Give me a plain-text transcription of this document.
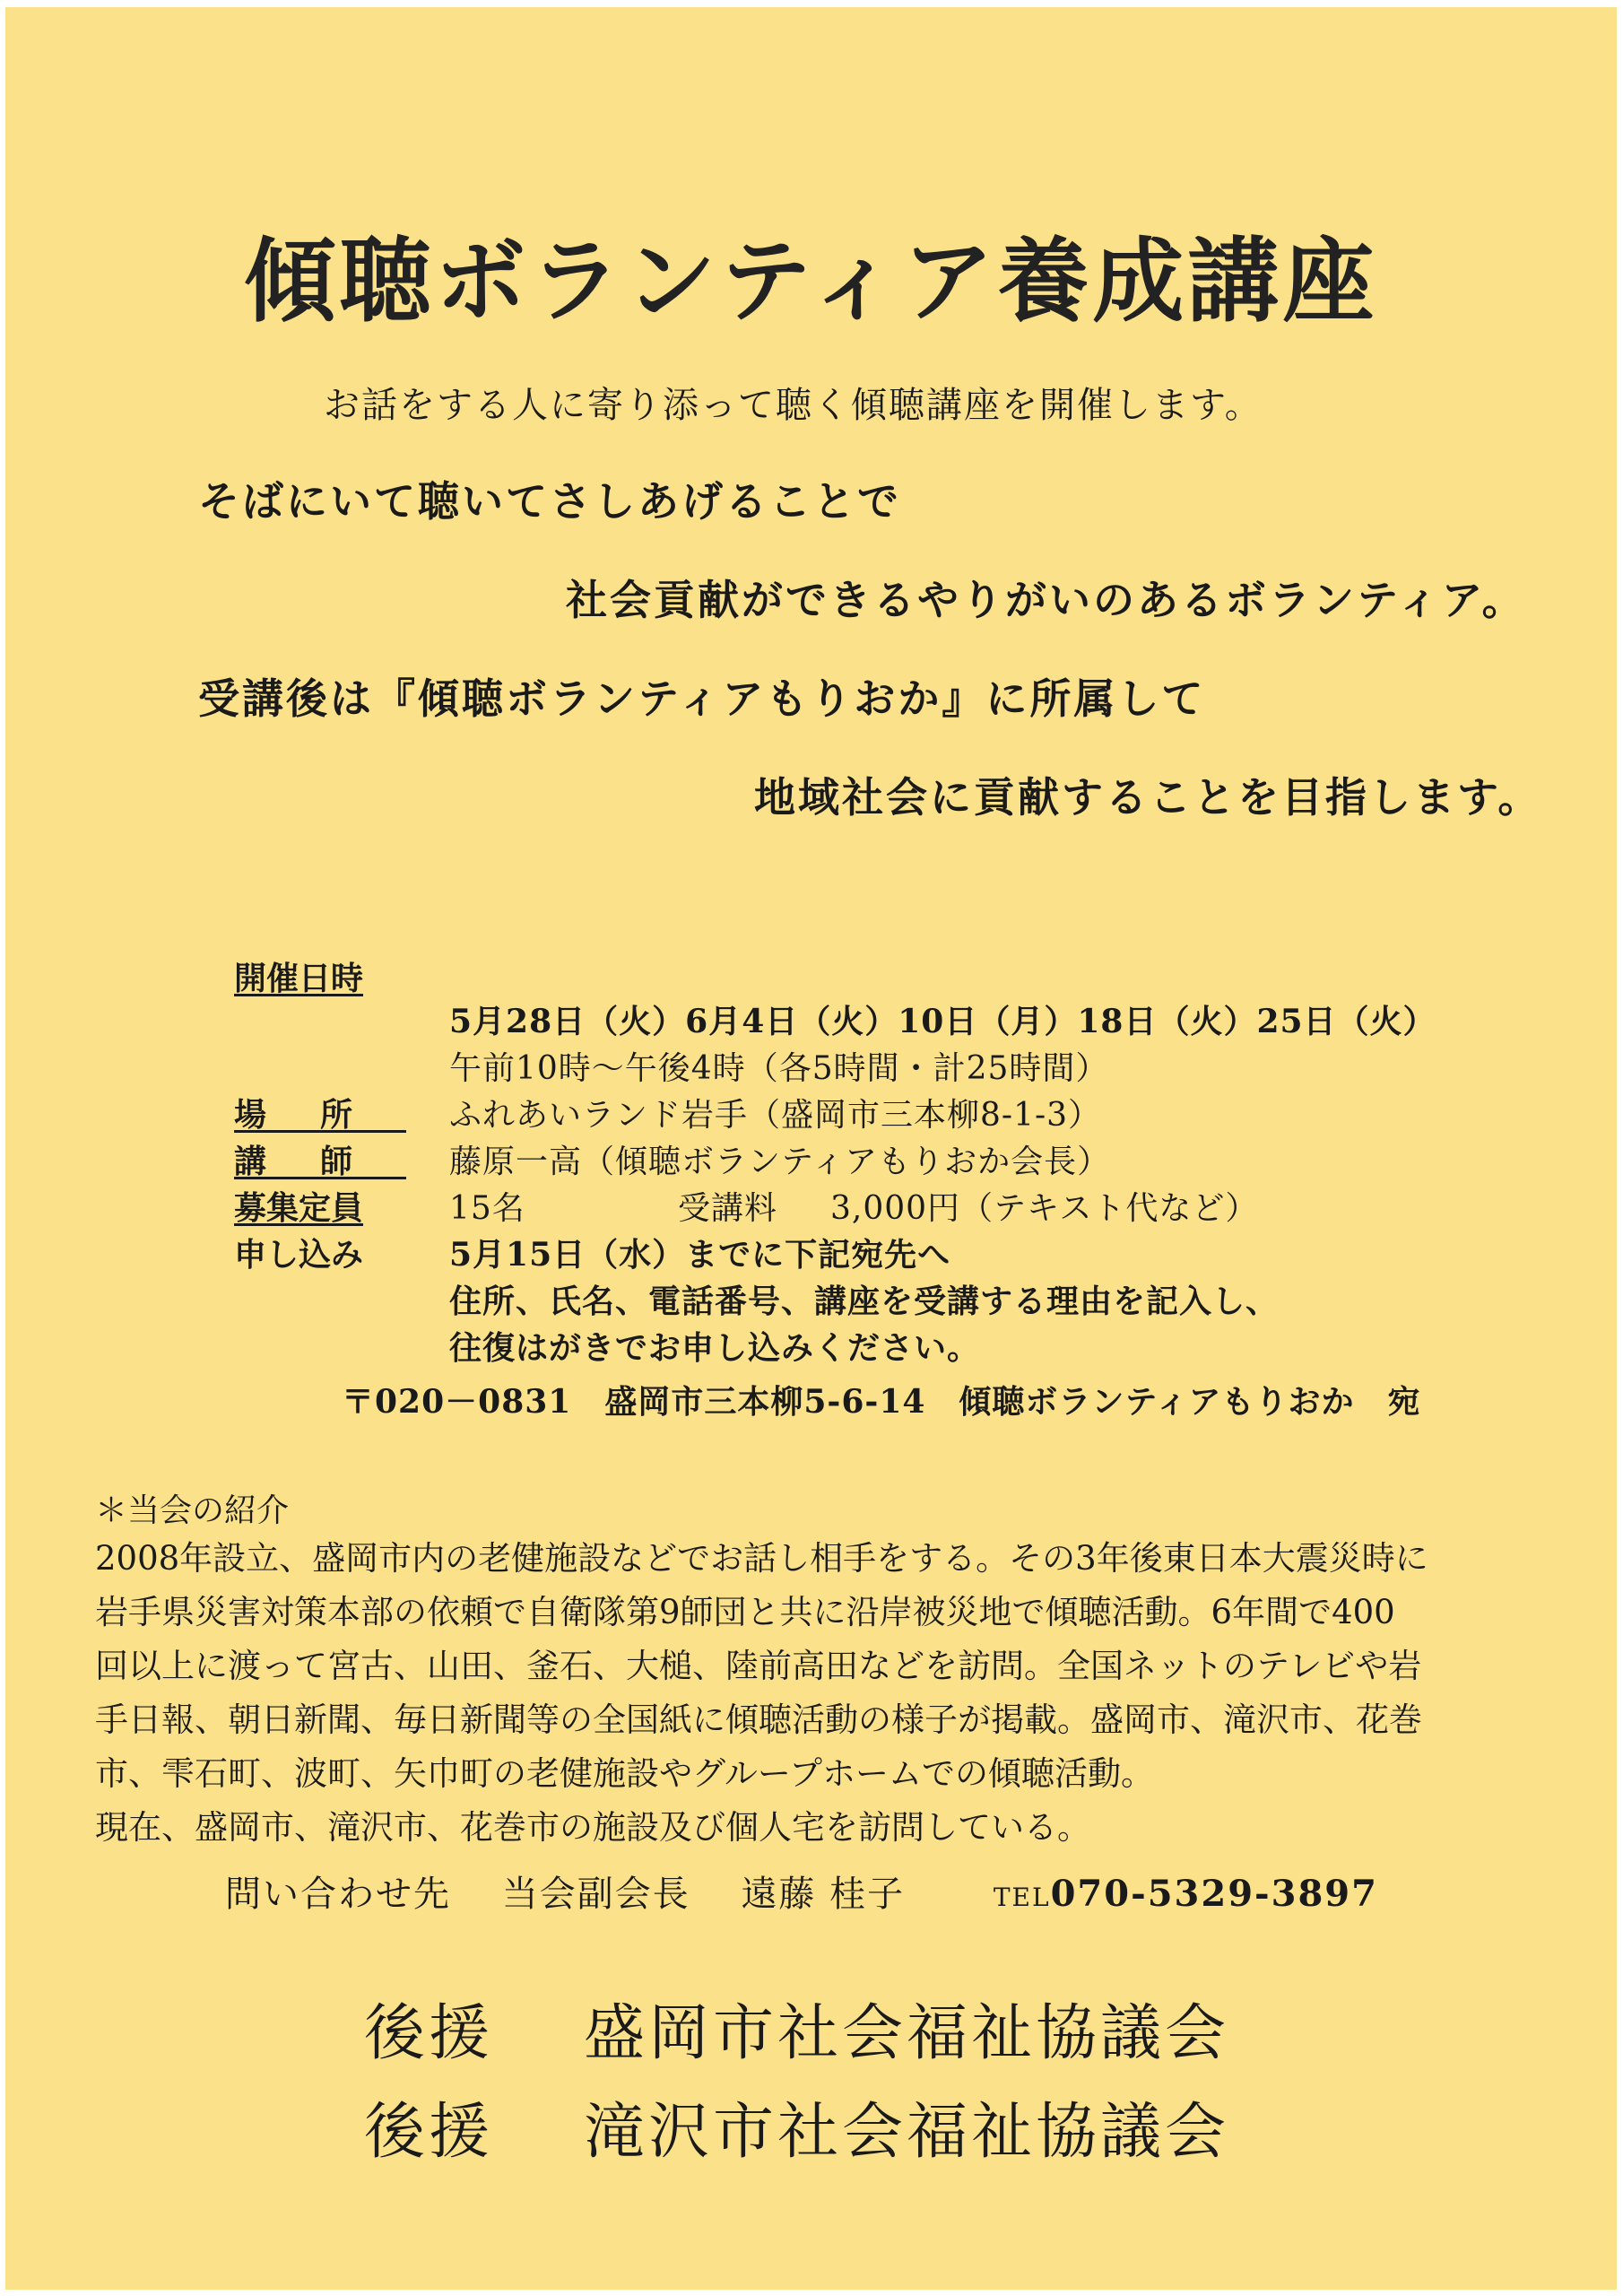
傾聴ボランティア養成講座
お話をする人に寄り添って聴く傾聴講座を開催します。
そばにいて聴いてさしあげることで
社会貢献ができるやりがいのあるボランティア。
受講後は『傾聴ボランティアもりおか』に所属して
地域社会に貢献することを目指します。
開催日時
5月28日（火）6月4日（火）10日（月）18日（火）25日（火）
午前10時～午後4時（各5時間・計25時間）
場所 ふれあいランド岩手（盛岡市三本柳8-1-3）
講師 藤原一高（傾聴ボランティアもりおか会長）
募集定員	15名	受講料 3,000円（テキスト代など）
申し込み	5月15日（水）までに下記宛先へ
住所、氏名、電話番号、講座を受講する理由を記入し、
往復はがきでお申し込みください。
〒020－0831　盛岡市三本柳5-6-14　傾聴ボランティアもりおか　宛
＊当会の紹介

2008年設立、盛岡市内の老健施設などでお話し相手をする。その3年後東日本大震災時に

岩手県災害対策本部の依頼で自衛隊第9師団と共に沿岸被災地で傾聴活動。6年間で400

回以上に渡って宮古、山田、釜石、大槌、陸前高田などを訪問。全国ネットのテレビや岩

手日報、朝日新聞、毎日新聞等の全国紙に傾聴活動の様子が掲載。盛岡市、滝沢市、花巻

市、雫石町、波町、矢巾町の老健施設やグループホームでの傾聴活動。

現在、盛岡市、滝沢市、花巻市の施設及び個人宅を訪問している。

問い合わせ先　 当会副会長　 遠藤 桂子　　	TEL070-5329-3897
後援 盛岡市社会福祉協議会
後援 滝沢市社会福祉協議会
